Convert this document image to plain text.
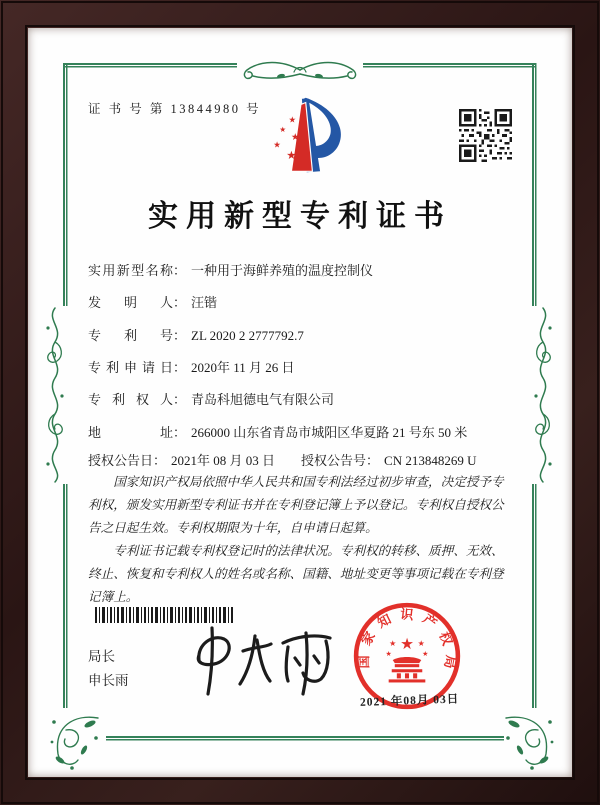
证 书 号 第 13844980 号
★
★
★
★
★
实用新型专利证书
实用新型名称： 一种用于海鲜养殖的温度控制仪
发明人： 汪锴
专利号： ZL 2020 2 2777792.7
专利申请日： 2020年 11 月 26 日
专利权人： 青岛科旭德电气有限公司
地址： 266000 山东省青岛市城阳区华夏路 21 号东 50 米
授权公告日： 2021年 08 月 03 日 授权公告号： CN 213848269 U

国家知识产权局依照中华人民共和国专利法经过初步审查，决定授予专利权，颁发实用新型专利证书并在专利登记簿上予以登记。专利权自授权公告之日起生效。专利权期限为十年，自申请日起算。

专利证书记载专利权登记时的法律状况。专利权的转移、质押、无效、终止、恢复和专利权人的姓名或名称、国籍、地址变更等事项记载在专利登记簿上。

局长
申长雨
国家知识产权局
★
★	★
★	★
2021 年08月 03日
